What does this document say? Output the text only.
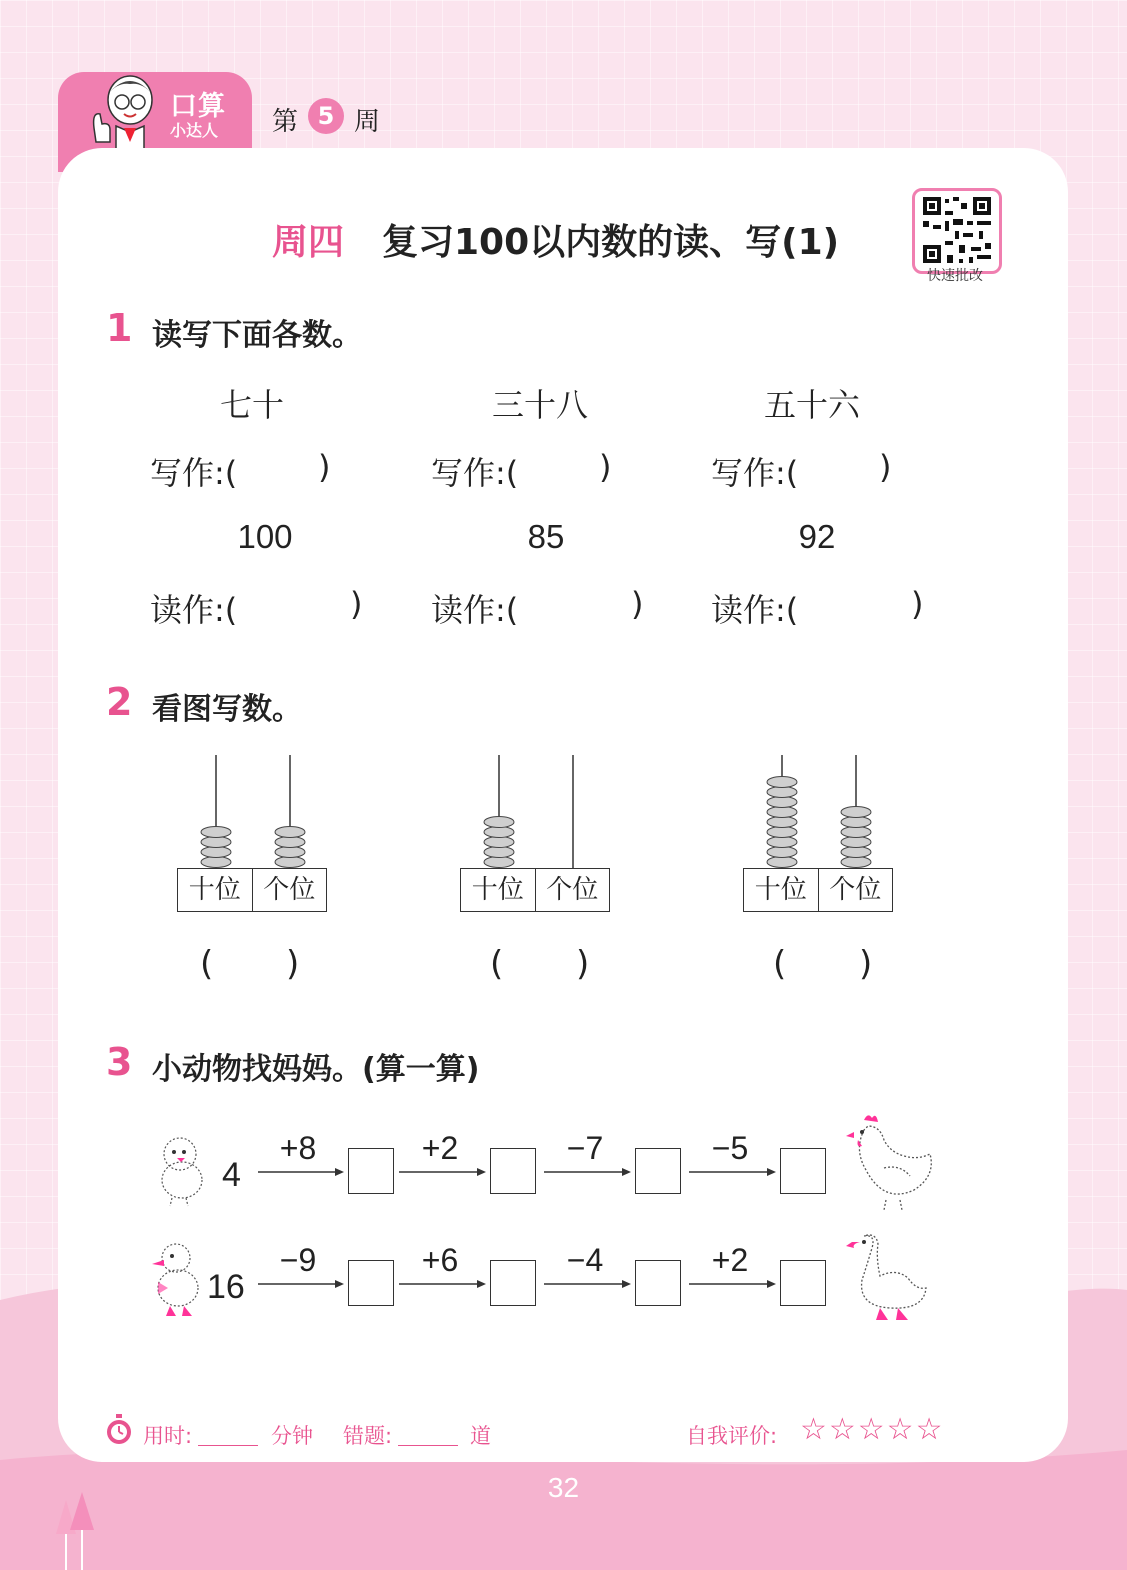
口算
小达人 第 5 周
周四 复习100以内数的读、写(1)
快速批改
1 读写下面各数。
七十	三十八	五十六
写作:(	)	写作:(	)	写作:(	)
100	85	92
读作:(	) 读作:(	) 读作:(	)
2 看图写数。
十位 个位	十位 个位	十位 个位
( )	( )	( )
3 小动物找妈妈。(算一算)
4
16
+8	+2	−7	−5
−9	+6	−4	+2
用时:	分钟 错题:	道	自我评价: ☆☆☆☆☆
32
